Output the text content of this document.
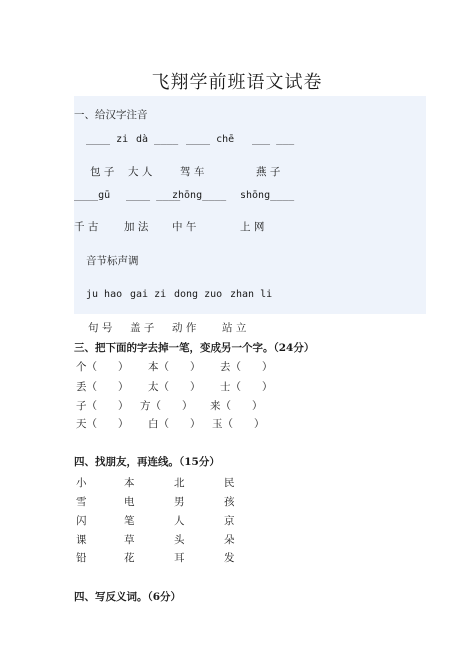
飞翔学前班语文试卷
一、给汉字注音
____ zi dà ____ ____ chē ___ ___
包 子 大 人	驾 车	燕 子
____gū ____ ____
zhōng____ shōng____
千 古 加 法 中 午	上 网
音节标声调
ju hao gai zi dong zuo zhan li
句 号 盖 子 动 作 站 立
三、把下面的字去掉一笔，变成另一个字。（24分）
个（　　） 本（　　） 去（　　）
丢（　　） 太（　　） 士（　　）
子（　　） 方（　　） 来（　　）
天（　　） 白（　　） 玉（　　）
四、找朋友，再连线。（15分）
小	本	北	民
雪	电	男	孩
闪	笔	人	京
课	草	头	朵
铅	花	耳	发
四、写反义词。（6分）
